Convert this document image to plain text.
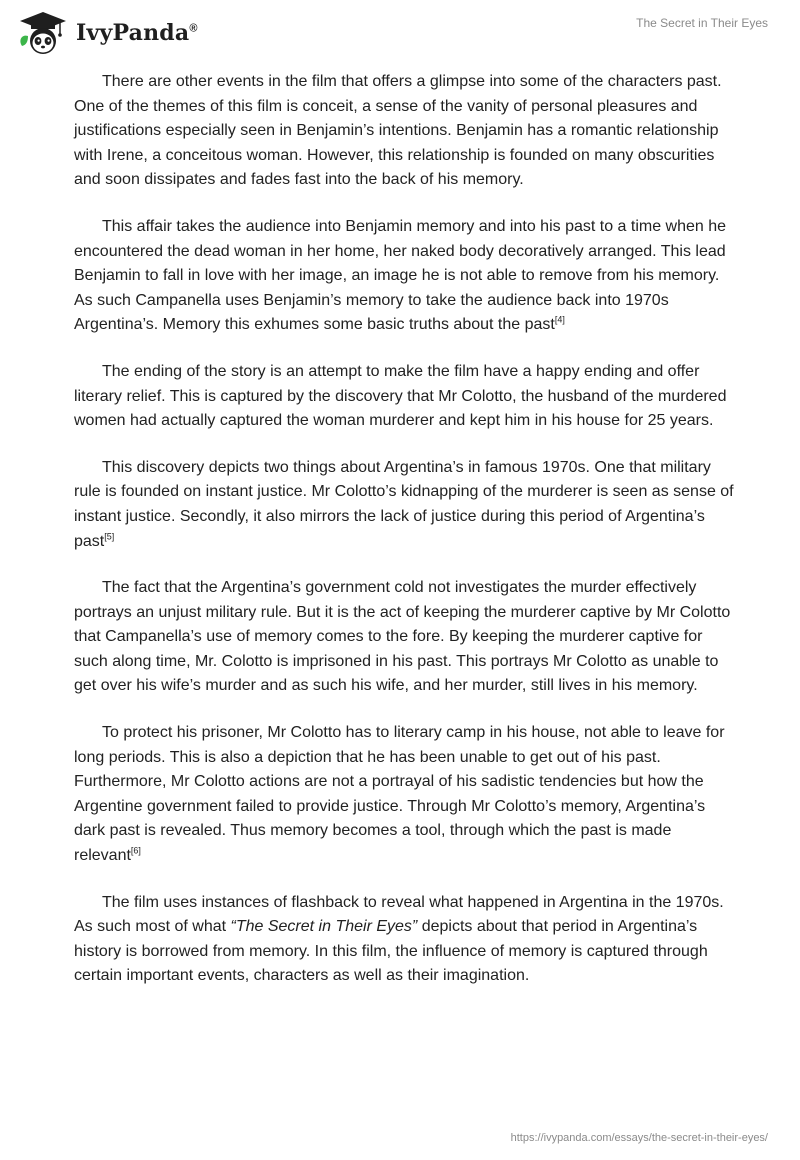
IvyPanda®	The Secret in Their Eyes

There are other events in the film that offers a glimpse into some of the characters past. One of the themes of this film is conceit, a sense of the vanity of personal pleasures and justifications especially seen in Benjamin’s intentions. Benjamin has a romantic relationship with Irene, a conceitous woman. However, this relationship is founded on many obscurities and soon dissipates and fades fast into the back of his memory.

This affair takes the audience into Benjamin memory and into his past to a time when he encountered the dead woman in her home, her naked body decoratively arranged. This lead Benjamin to fall in love with her image, an image he is not able to remove from his memory. As such Campanella uses Benjamin’s memory to take the audience back into 1970s Argentina’s. Memory this exhumes some basic truths about the past[4]

The ending of the story is an attempt to make the film have a happy ending and offer literary relief. This is captured by the discovery that Mr Colotto, the husband of the murdered women had actually captured the woman murderer and kept him in his house for 25 years.

This discovery depicts two things about Argentina’s in famous 1970s. One that military rule is founded on instant justice. Mr Colotto’s kidnapping of the murderer is seen as sense of instant justice. Secondly, it also mirrors the lack of justice during this period of Argentina’s past[5]

The fact that the Argentina’s government cold not investigates the murder effectively portrays an unjust military rule. But it is the act of keeping the murderer captive by Mr Colotto that Campanella’s use of memory comes to the fore. By keeping the murderer captive for such along time, Mr. Colotto is imprisoned in his past. This portrays Mr Colotto as unable to get over his wife’s murder and as such his wife, and her murder, still lives in his memory.

To protect his prisoner, Mr Colotto has to literary camp in his house, not able to leave for long periods. This is also a depiction that he has been unable to get out of his past. Furthermore, Mr Colotto actions are not a portrayal of his sadistic tendencies but how the Argentine government failed to provide justice. Through Mr Colotto’s memory, Argentina’s dark past is revealed. Thus memory becomes a tool, through which the past is made relevant[6]

The film uses instances of flashback to reveal what happened in Argentina in the 1970s. As such most of what “The Secret in Their Eyes” depicts about that period in Argentina’s history is borrowed from memory. In this film, the influence of memory is captured through certain important events, characters as well as their imagination.

https://ivypanda.com/essays/the-secret-in-their-eyes/
